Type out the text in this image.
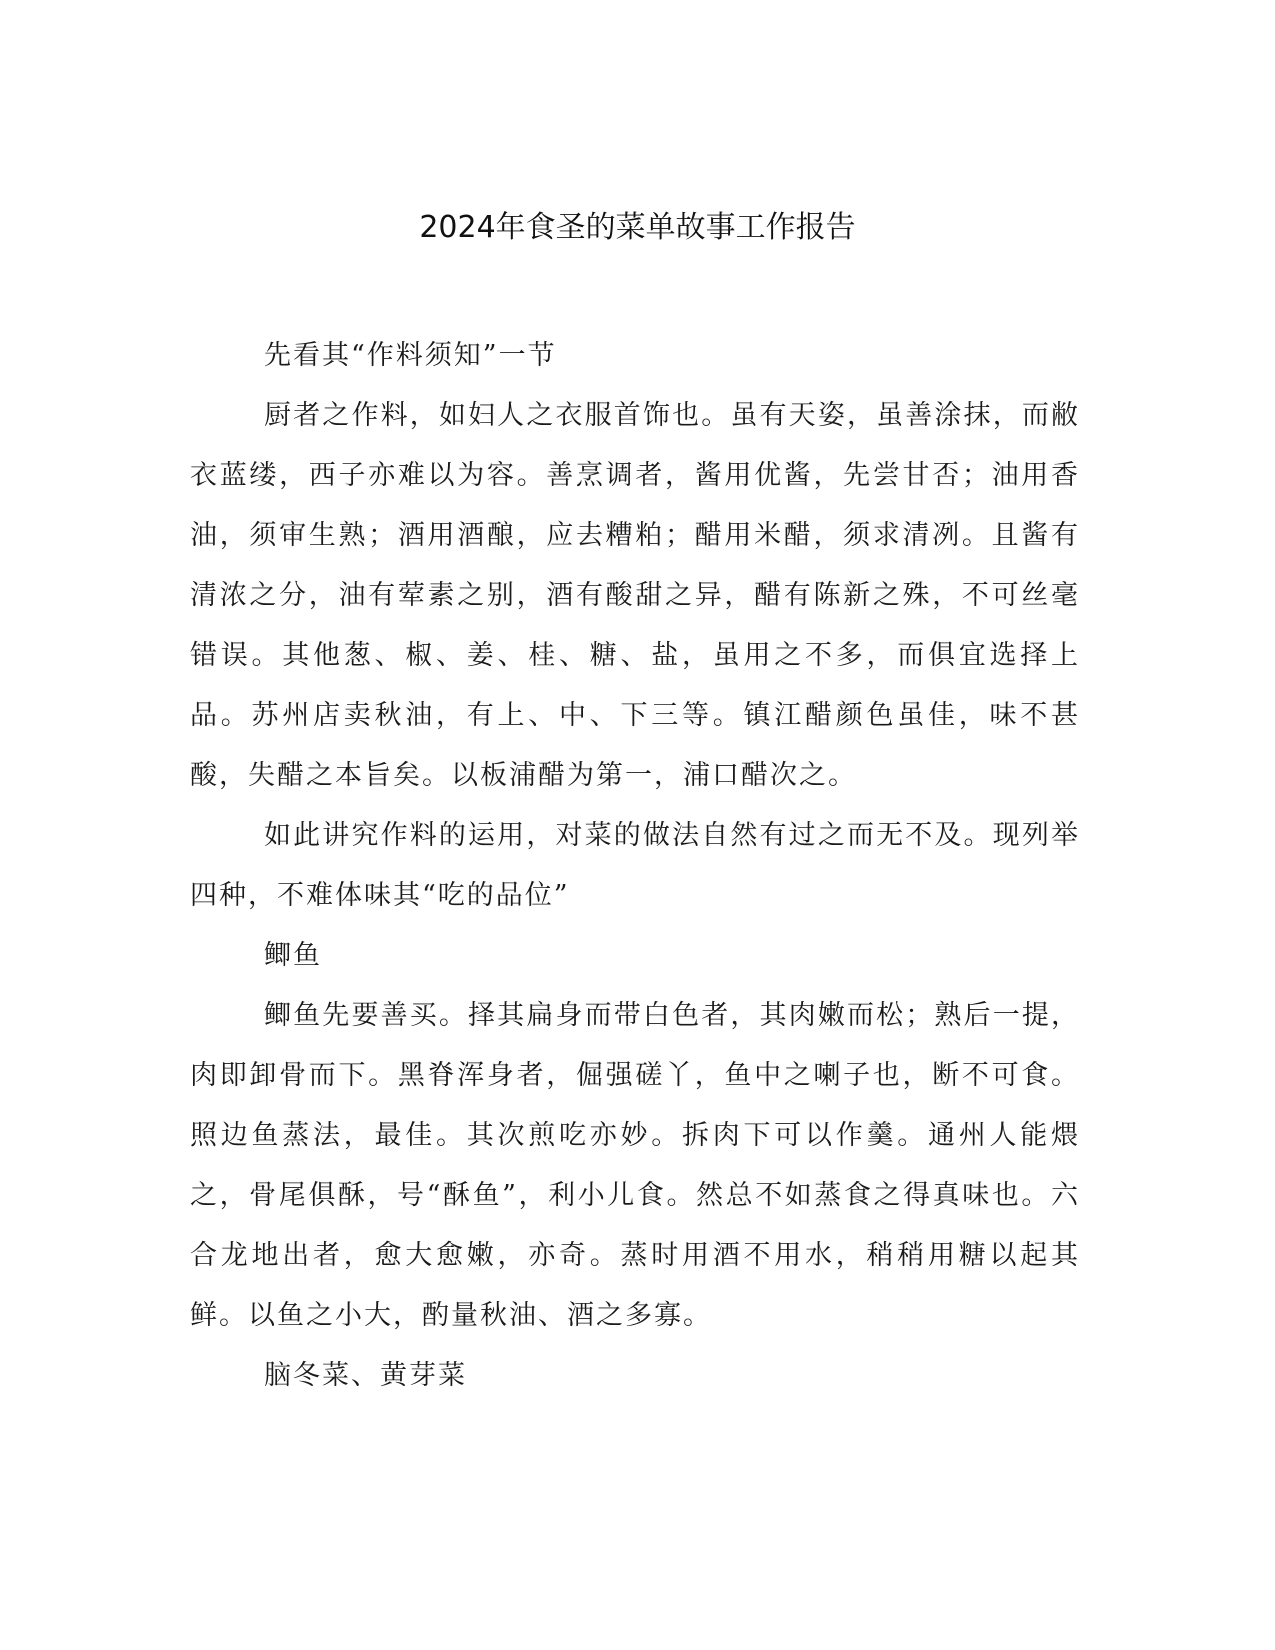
2024年食圣的菜单故事工作报告

先看其“作料须知”一节

厨者之作料，如妇人之衣服首饰也。虽有天姿，虽善涂抹，而敝衣蓝缕，西子亦难以为容。善烹调者，酱用优酱，先尝甘否；油用香油，须审生熟；酒用酒酿，应去糟粕；醋用米醋，须求清冽。且酱有清浓之分，油有荤素之别，酒有酸甜之异，醋有陈新之殊，不可丝毫错误。其他葱、椒、姜、桂、糖、盐，虽用之不多，而俱宜选择上品。苏州店卖秋油，有上、中、下三等。镇江醋颜色虽佳，味不甚酸，失醋之本旨矣。以板浦醋为第一，浦口醋次之。

如此讲究作料的运用，对菜的做法自然有过之而无不及。现列举四种，不难体味其“吃的品位”

鲫鱼

鲫鱼先要善买。择其扁身而带白色者，其肉嫩而松；熟后一提，肉即卸骨而下。黑脊浑身者，倔强磋丫，鱼中之喇子也，断不可食。照边鱼蒸法，最佳。其次煎吃亦妙。拆肉下可以作羹。通州人能煨之，骨尾俱酥，号“酥鱼”，利小儿食。然总不如蒸食之得真味也。六合龙地出者，愈大愈嫩，亦奇。蒸时用酒不用水，稍稍用糖以起其鲜。以鱼之小大，酌量秋油、酒之多寡。

脑冬菜、黄芽菜
